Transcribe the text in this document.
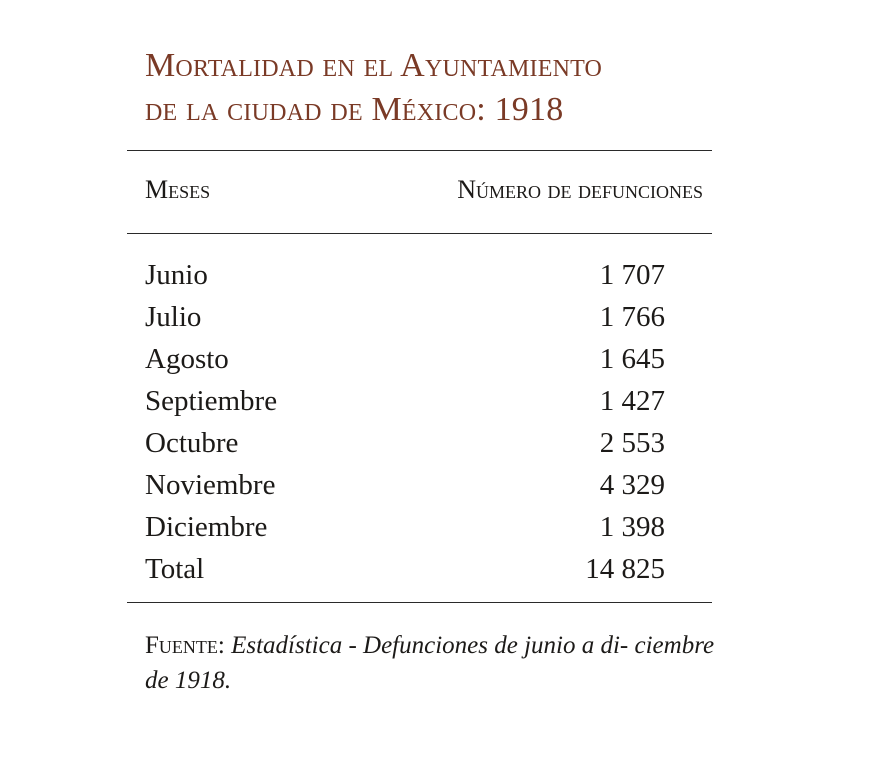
Mortalidad en el Ayuntamiento
de la ciudad de México: 1918
Meses	Número de defunciones
Junio	1 707
Julio	1 766
Agosto	1 645
Septiembre	1 427
Octubre	2 553
Noviembre	4 329
Diciembre	1 398
Total	14 825
Fuente: Estadística - Defunciones de junio a di- ciembre de 1918.
